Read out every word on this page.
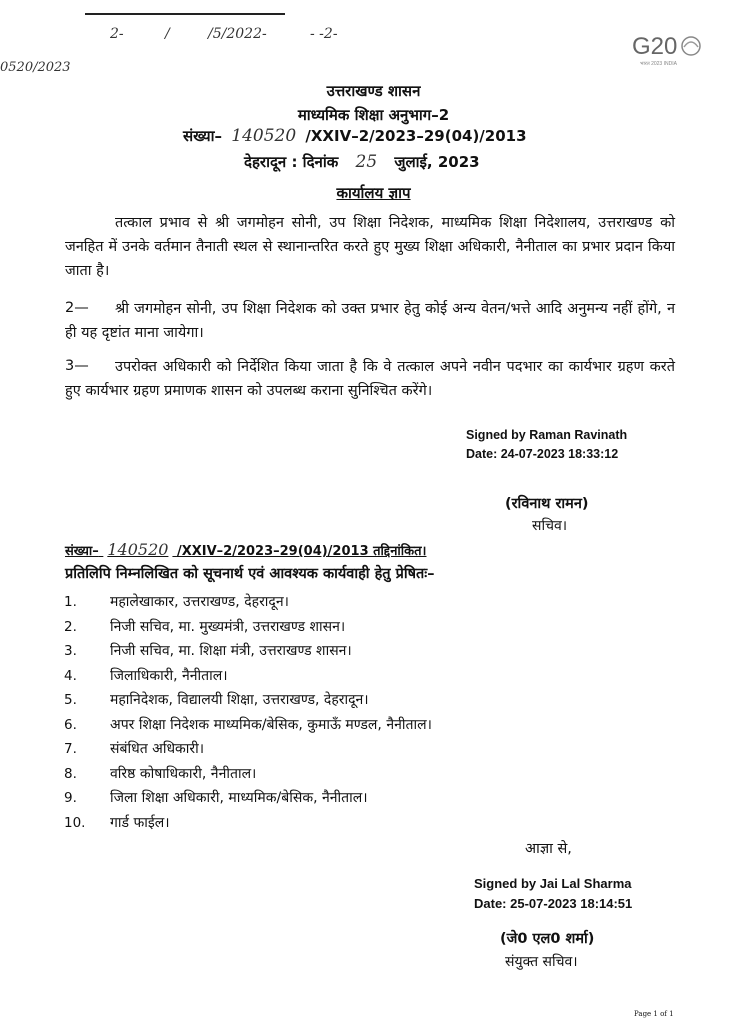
2-	/	/5/2022-	- -2-
0520/2023
G20
भारत 2023 INDIA
उत्तराखण्ड शासन
माध्यमिक शिक्षा अनुभाग–2
संख्या– 140520 /XXIV–2/2023–29(04)/2013
देहरादून : दिनांक 25 जुलाई, 2023
कार्यालय ज्ञाप
तत्काल प्रभाव से श्री जगमोहन सोनी, उप शिक्षा निदेशक, माध्यमिक शिक्षा निदेशालय, उत्तराखण्ड को जनहित में उनके वर्तमान तैनाती स्थल से स्थानान्तरित करते हुए मुख्य शिक्षा अधिकारी, नैनीताल का प्रभार प्रदान किया जाता है।
2—	श्री जगमोहन सोनी, उप शिक्षा निदेशक को उक्त प्रभार हेतु कोई अन्य वेतन/भत्ते आदि अनुमन्य नहीं होंगे, न ही यह दृष्टांत माना जायेगा।
3—	उपरोक्त अधिकारी को निर्देशित किया जाता है कि वे तत्काल अपने नवीन पदभार का कार्यभार ग्रहण करते हुए कार्यभार ग्रहण प्रमाणक शासन को उपलब्ध कराना सुनिश्चित करेंगे।
Signed by Raman Ravinath
Date: 24-07-2023 18:33:12
(रविनाथ रामन)
सचिव।
संख्या– 140520 /XXIV–2/2023–29(04)/2013 तद्दिनांकित।
प्रतिलिपि निम्नलिखित को सूचनार्थ एवं आवश्यक कार्यवाही हेतु प्रेषितः–
1. महालेखाकार, उत्तराखण्ड, देहरादून।
2. निजी सचिव, मा. मुख्यमंत्री, उत्तराखण्ड शासन।
3. निजी सचिव, मा. शिक्षा मंत्री, उत्तराखण्ड शासन।
4. जिलाधिकारी, नैनीताल।
5. महानिदेशक, विद्यालयी शिक्षा, उत्तराखण्ड, देहरादून।
6. अपर शिक्षा निदेशक माध्यमिक/बेसिक, कुमाऊँ मण्डल, नैनीताल।
7. संबंधित अधिकारी।
8. वरिष्ठ कोषाधिकारी, नैनीताल।
9. जिला शिक्षा अधिकारी, माध्यमिक/बेसिक, नैनीताल।
10. गार्ड फाईल।
आज्ञा से,
Signed by Jai Lal Sharma
Date: 25-07-2023 18:14:51
(जे0 एल0 शर्मा)
संयुक्त सचिव।
Page 1 of 1
